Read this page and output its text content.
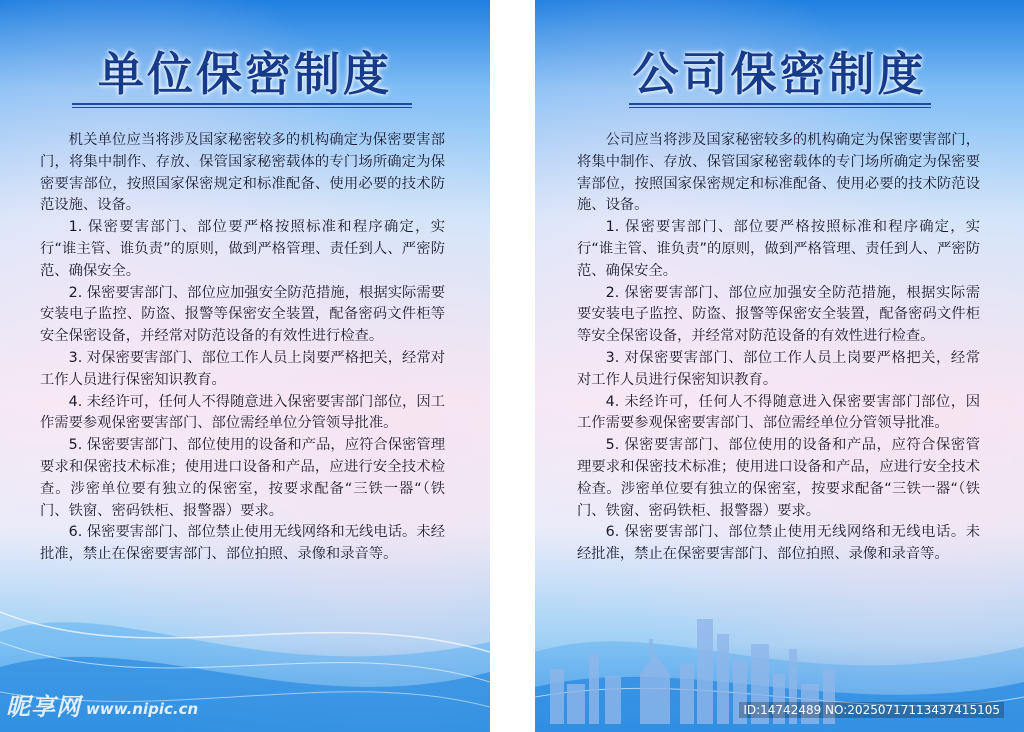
单位保密制度

机关单位应当将涉及国家秘密较多的机构确定为保密要害部门，将集中制作、存放、保管国家秘密载体的专门场所确定为保密要害部位，按照国家保密规定和标准配备、使用必要的技术防范设施、设备。

1. 保密要害部门、部位要严格按照标准和程序确定，实行“谁主管、谁负责”的原则，做到严格管理、责任到人、严密防范、确保安全。

2. 保密要害部门、部位应加强安全防范措施，根据实际需要安装电子监控、防盗、报警等保密安全装置，配备密码文件柜等安全保密设备，并经常对防范设备的有效性进行检查。

3. 对保密要害部门、部位工作人员上岗要严格把关，经常对工作人员进行保密知识教育。

4. 未经许可，任何人不得随意进入保密要害部门部位，因工作需要参观保密要害部门、部位需经单位分管领导批准。

5. 保密要害部门、部位使用的设备和产品，应符合保密管理要求和保密技术标准；使用进口设备和产品，应进行安全技术检查。涉密单位要有独立的保密室，按要求配备“三铁一器“（铁门、铁窗、密码铁柜、报警器）要求。

6. 保密要害部门、部位禁止使用无线网络和无线电话。未经批准，禁止在保密要害部门、部位拍照、录像和录音等。

昵享网 www.nipic.cn
公司保密制度

公司应当将涉及国家秘密较多的机构确定为保密要害部门，将集中制作、存放、保管国家秘密载体的专门场所确定为保密要害部位，按照国家保密规定和标准配备、使用必要的技术防范设施、设备。

1. 保密要害部门、部位要严格按照标准和程序确定，实行“谁主管、谁负责”的原则，做到严格管理、责任到人、严密防范、确保安全。

2. 保密要害部门、部位应加强安全防范措施，根据实际需要安装电子监控、防盗、报警等保密安全装置，配备密码文件柜等安全保密设备，并经常对防范设备的有效性进行检查。

3. 对保密要害部门、部位工作人员上岗要严格把关，经常对工作人员进行保密知识教育。

4. 未经许可，任何人不得随意进入保密要害部门部位，因工作需要参观保密要害部门、部位需经单位分管领导批准。

5. 保密要害部门、部位使用的设备和产品，应符合保密管理要求和保密技术标准；使用进口设备和产品，应进行安全技术检查。涉密单位要有独立的保密室，按要求配备“三铁一器“（铁门、铁窗、密码铁柜、报警器）要求。

6. 保密要害部门、部位禁止使用无线网络和无线电话。未经批准，禁止在保密要害部门、部位拍照、录像和录音等。

ID:14742489 NO:20250717113437415105
